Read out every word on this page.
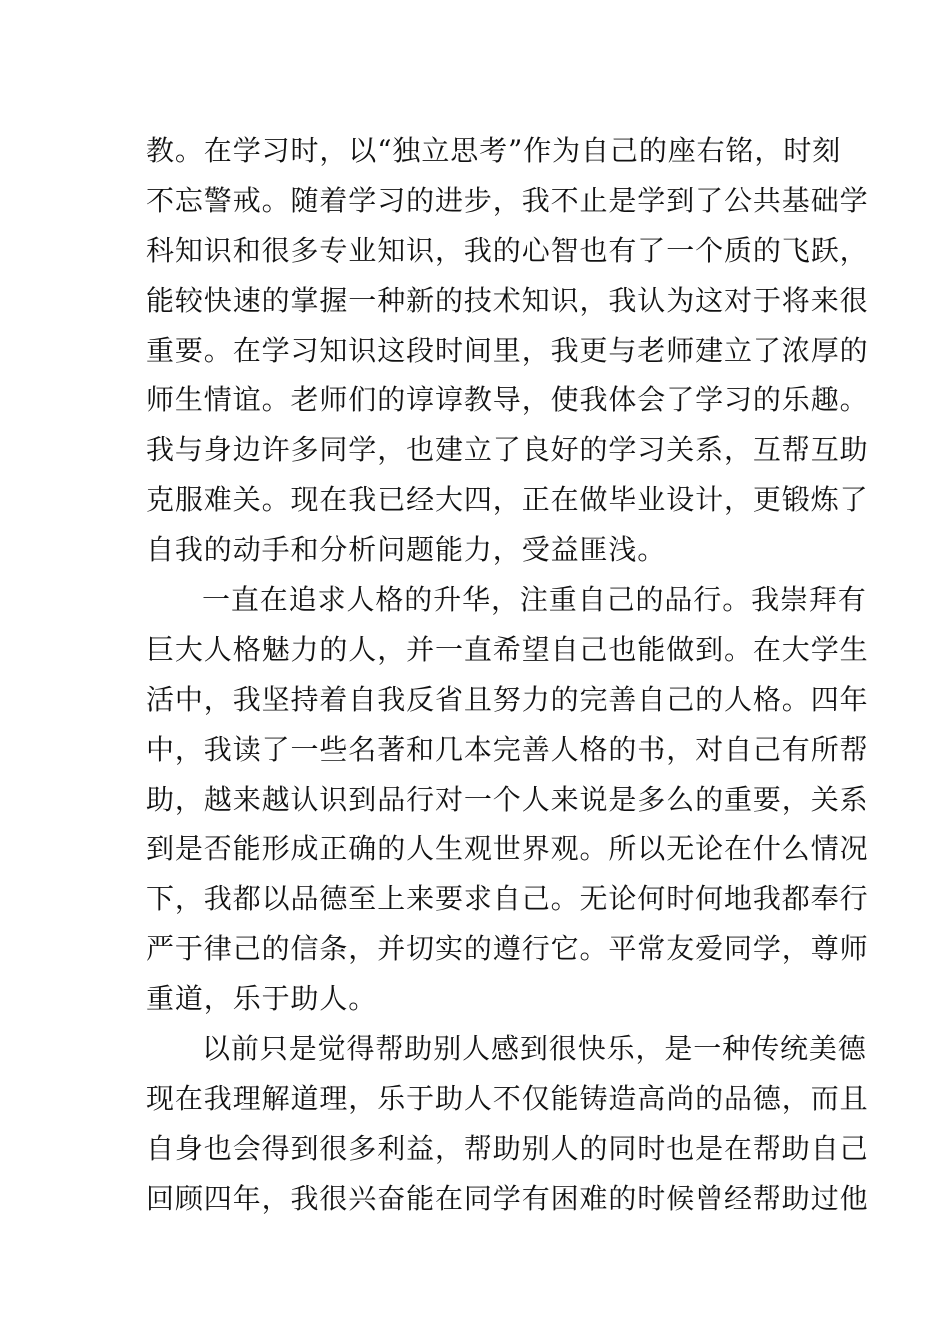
教。在学习时，以“独立思考”作为自己的座右铭，时刻
不忘警戒。随着学习的进步，我不止是学到了公共基础学
科知识和很多专业知识，我的心智也有了一个质的飞跃，
能较快速的掌握一种新的技术知识，我认为这对于将来很
重要。在学习知识这段时间里，我更与老师建立了浓厚的
师生情谊。老师们的谆谆教导，使我体会了学习的乐趣。
我与身边许多同学，也建立了良好的学习关系，互帮互助
克服难关。现在我已经大四，正在做毕业设计，更锻炼了
自我的动手和分析问题能力，受益匪浅。
一直在追求人格的升华，注重自己的品行。我崇拜有
巨大人格魅力的人，并一直希望自己也能做到。在大学生
活中，我坚持着自我反省且努力的完善自己的人格。四年
中，我读了一些名著和几本完善人格的书，对自己有所帮
助，越来越认识到品行对一个人来说是多么的重要，关系
到是否能形成正确的人生观世界观。所以无论在什么情况
下，我都以品德至上来要求自己。无论何时何地我都奉行
严于律己的信条，并切实的遵行它。平常友爱同学，尊师
重道，乐于助人。
以前只是觉得帮助别人感到很快乐，是一种传统美德
现在我理解道理，乐于助人不仅能铸造高尚的品德，而且
自身也会得到很多利益，帮助别人的同时也是在帮助自己
回顾四年，我很兴奋能在同学有困难的时候曾经帮助过他
